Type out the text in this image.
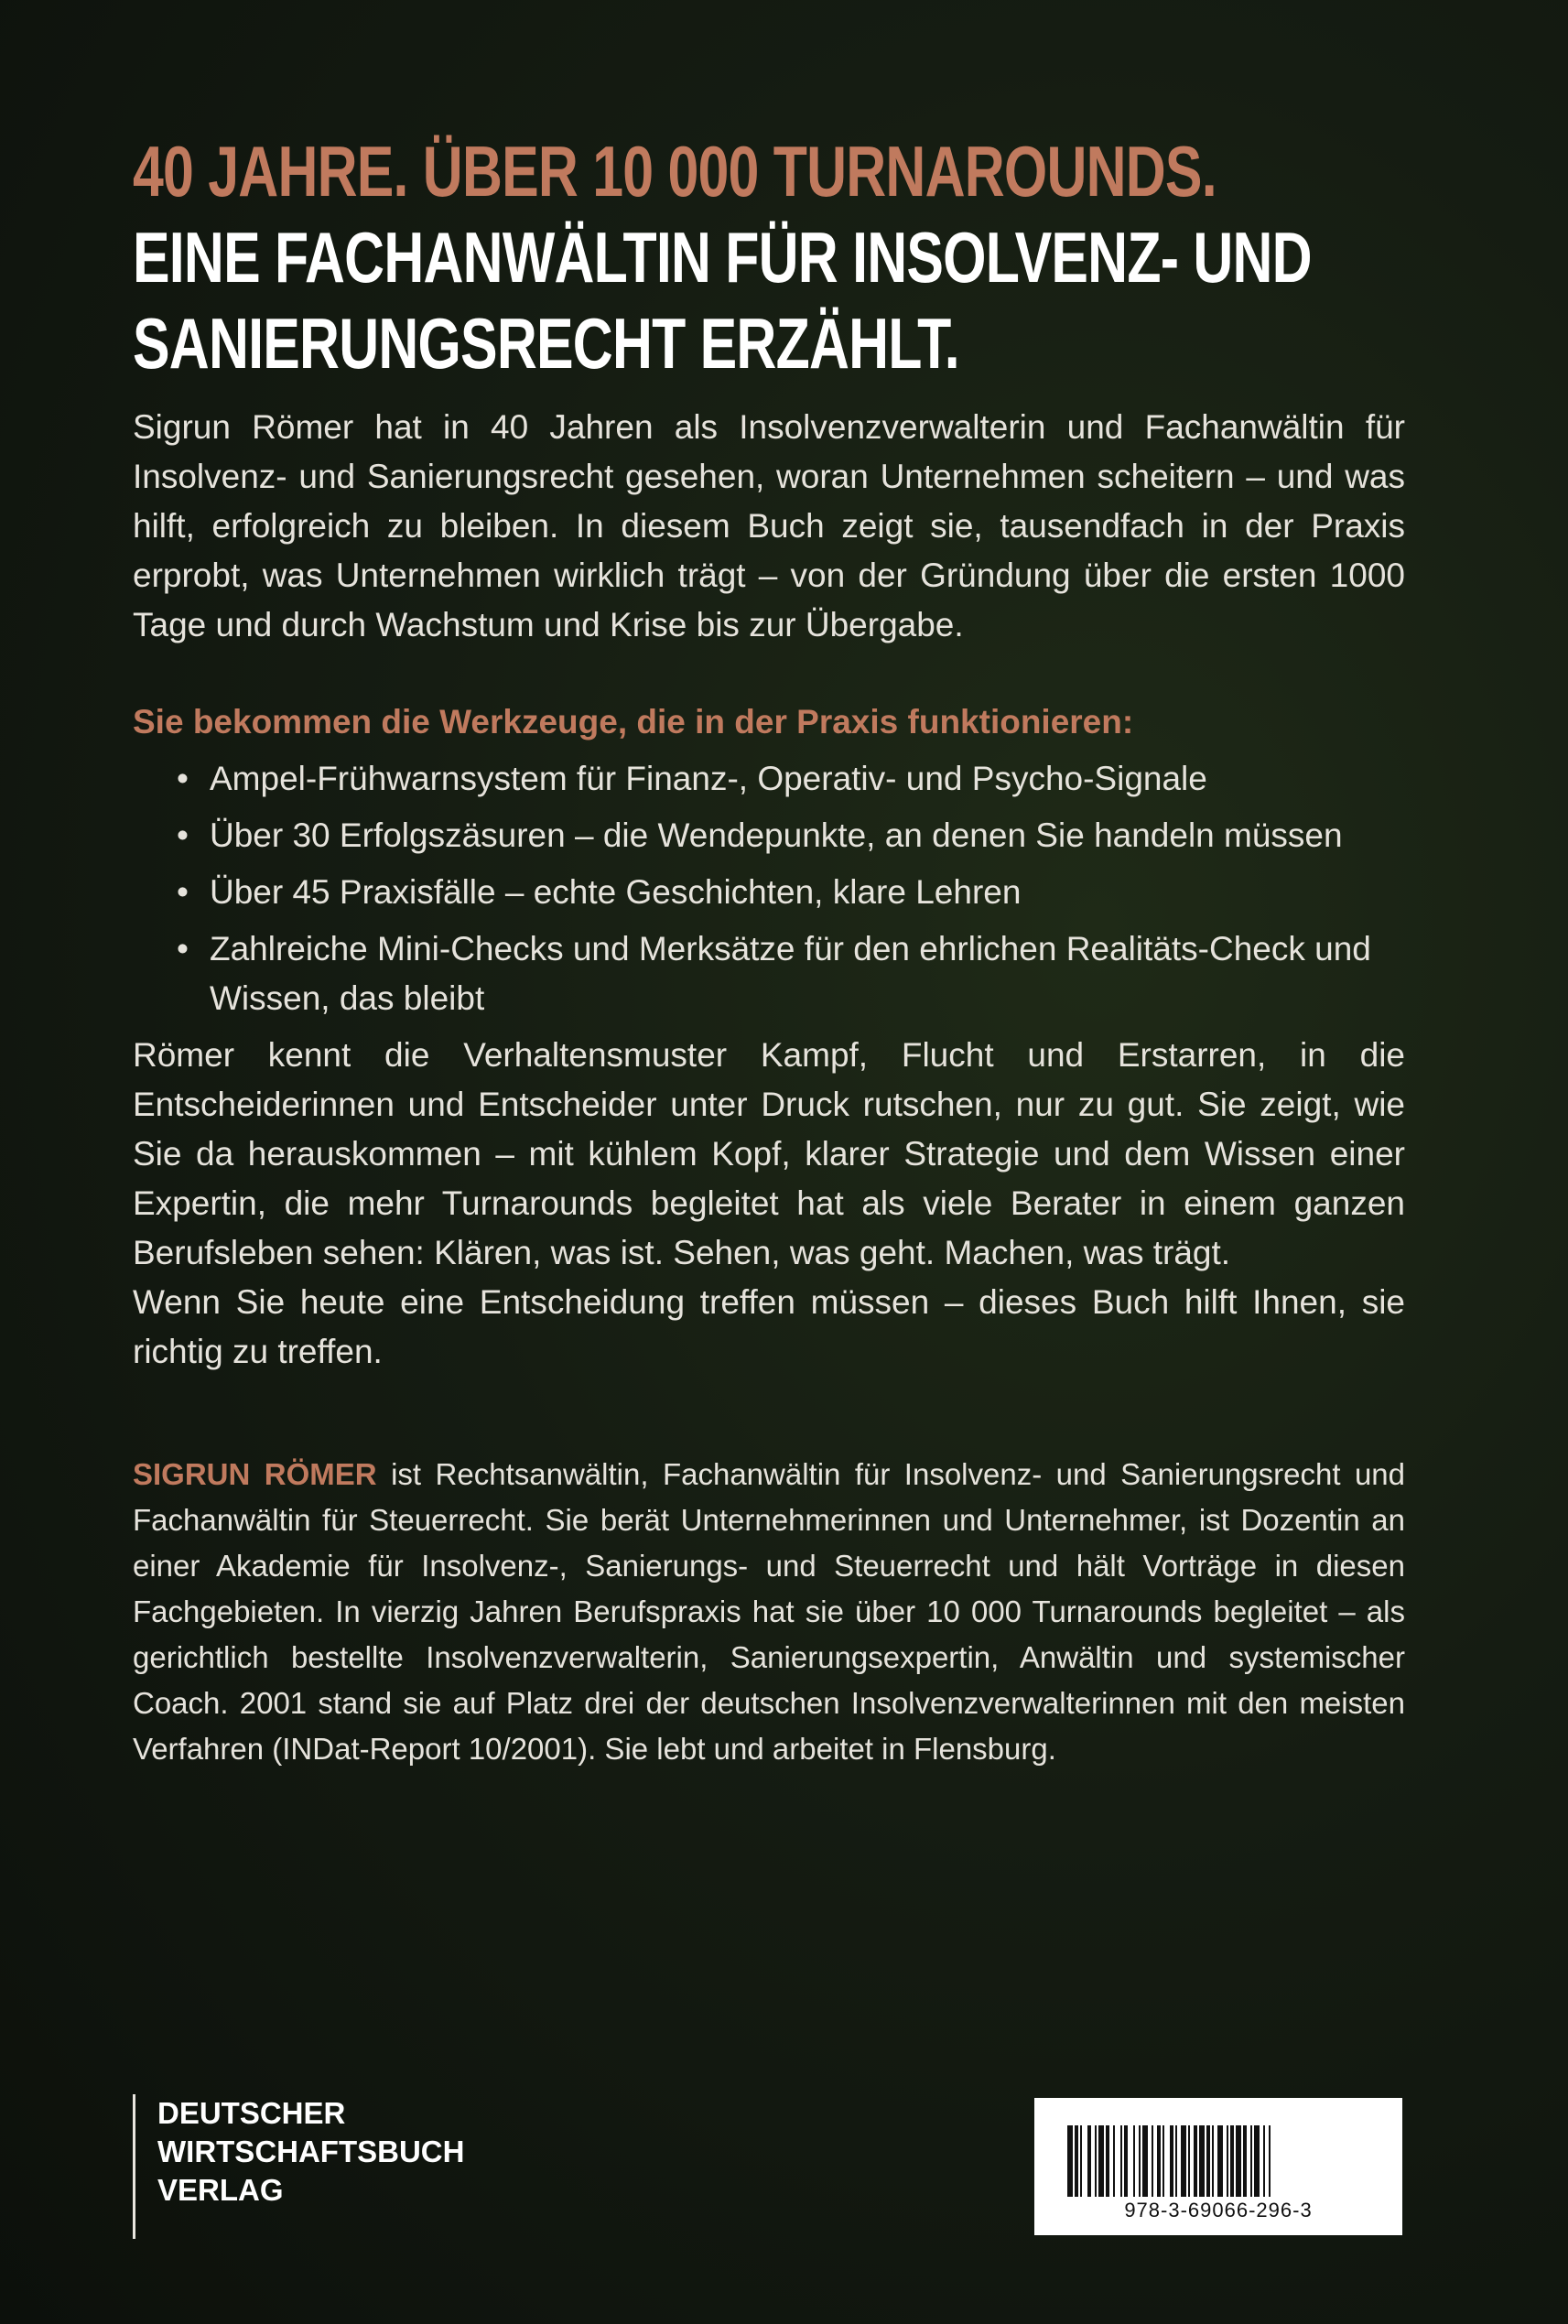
40 JAHRE. ÜBER 10 000 TURNAROUNDS.
EINE FACHANWÄLTIN FÜR INSOLVENZ- UND
SANIERUNGSRECHT ERZÄHLT.

Sigrun Römer hat in 40 Jahren als Insolvenzverwalterin und Fachanwältin für Insolvenz- und Sanierungsrecht gesehen, woran Unternehmen scheitern – und was hilft, erfolgreich zu bleiben. In diesem Buch zeigt sie, tausendfach in der Praxis erprobt, was Unternehmen wirklich trägt – von der Gründung über die ersten 1000 Tage und durch Wachstum und Krise bis zur Übergabe.

Sie bekommen die Werkzeuge, die in der Praxis funktionieren:
• Ampel-Frühwarnsystem für Finanz-, Operativ- und Psycho-Signale
• Über 30 Erfolgszäsuren – die Wendepunkte, an denen Sie handeln müssen
• Über 45 Praxisfälle – echte Geschichten, klare Lehren
• Zahlreiche Mini-Checks und Merksätze für den ehrlichen Realitäts-Check und Wissen, das bleibt

Römer kennt die Verhaltensmuster Kampf, Flucht und Erstarren, in die Entscheiderinnen und Entscheider unter Druck rutschen, nur zu gut. Sie zeigt, wie Sie da herauskommen – mit kühlem Kopf, klarer Strategie und dem Wissen einer Expertin, die mehr Turnarounds begleitet hat als viele Berater in einem ganzen Berufsleben sehen: Klären, was ist. Sehen, was geht. Machen, was trägt.

Wenn Sie heute eine Entscheidung treffen müssen – dieses Buch hilft Ihnen, sie richtig zu treffen.

SIGRUN RÖMER ist Rechtsanwältin, Fachanwältin für Insolvenz- und Sanierungsrecht und Fachanwältin für Steuerrecht. Sie berät Unternehmerinnen und Unternehmer, ist Dozentin an einer Akademie für Insolvenz-, Sanierungs- und Steuerrecht und hält Vorträge in diesen Fachgebieten. In vierzig Jahren Berufspraxis hat sie über 10 000 Turnarounds begleitet – als gerichtlich bestellte Insolvenzverwalterin, Sanierungsexpertin, Anwältin und systemischer Coach. 2001 stand sie auf Platz drei der deutschen Insolvenzverwalterinnen mit den meisten Verfahren (INDat-Report 10/2001). Sie lebt und arbeitet in Flensburg.

DEUTSCHER
WIRTSCHAFTSBUCH
VERLAG
978-3-69066-296-3
